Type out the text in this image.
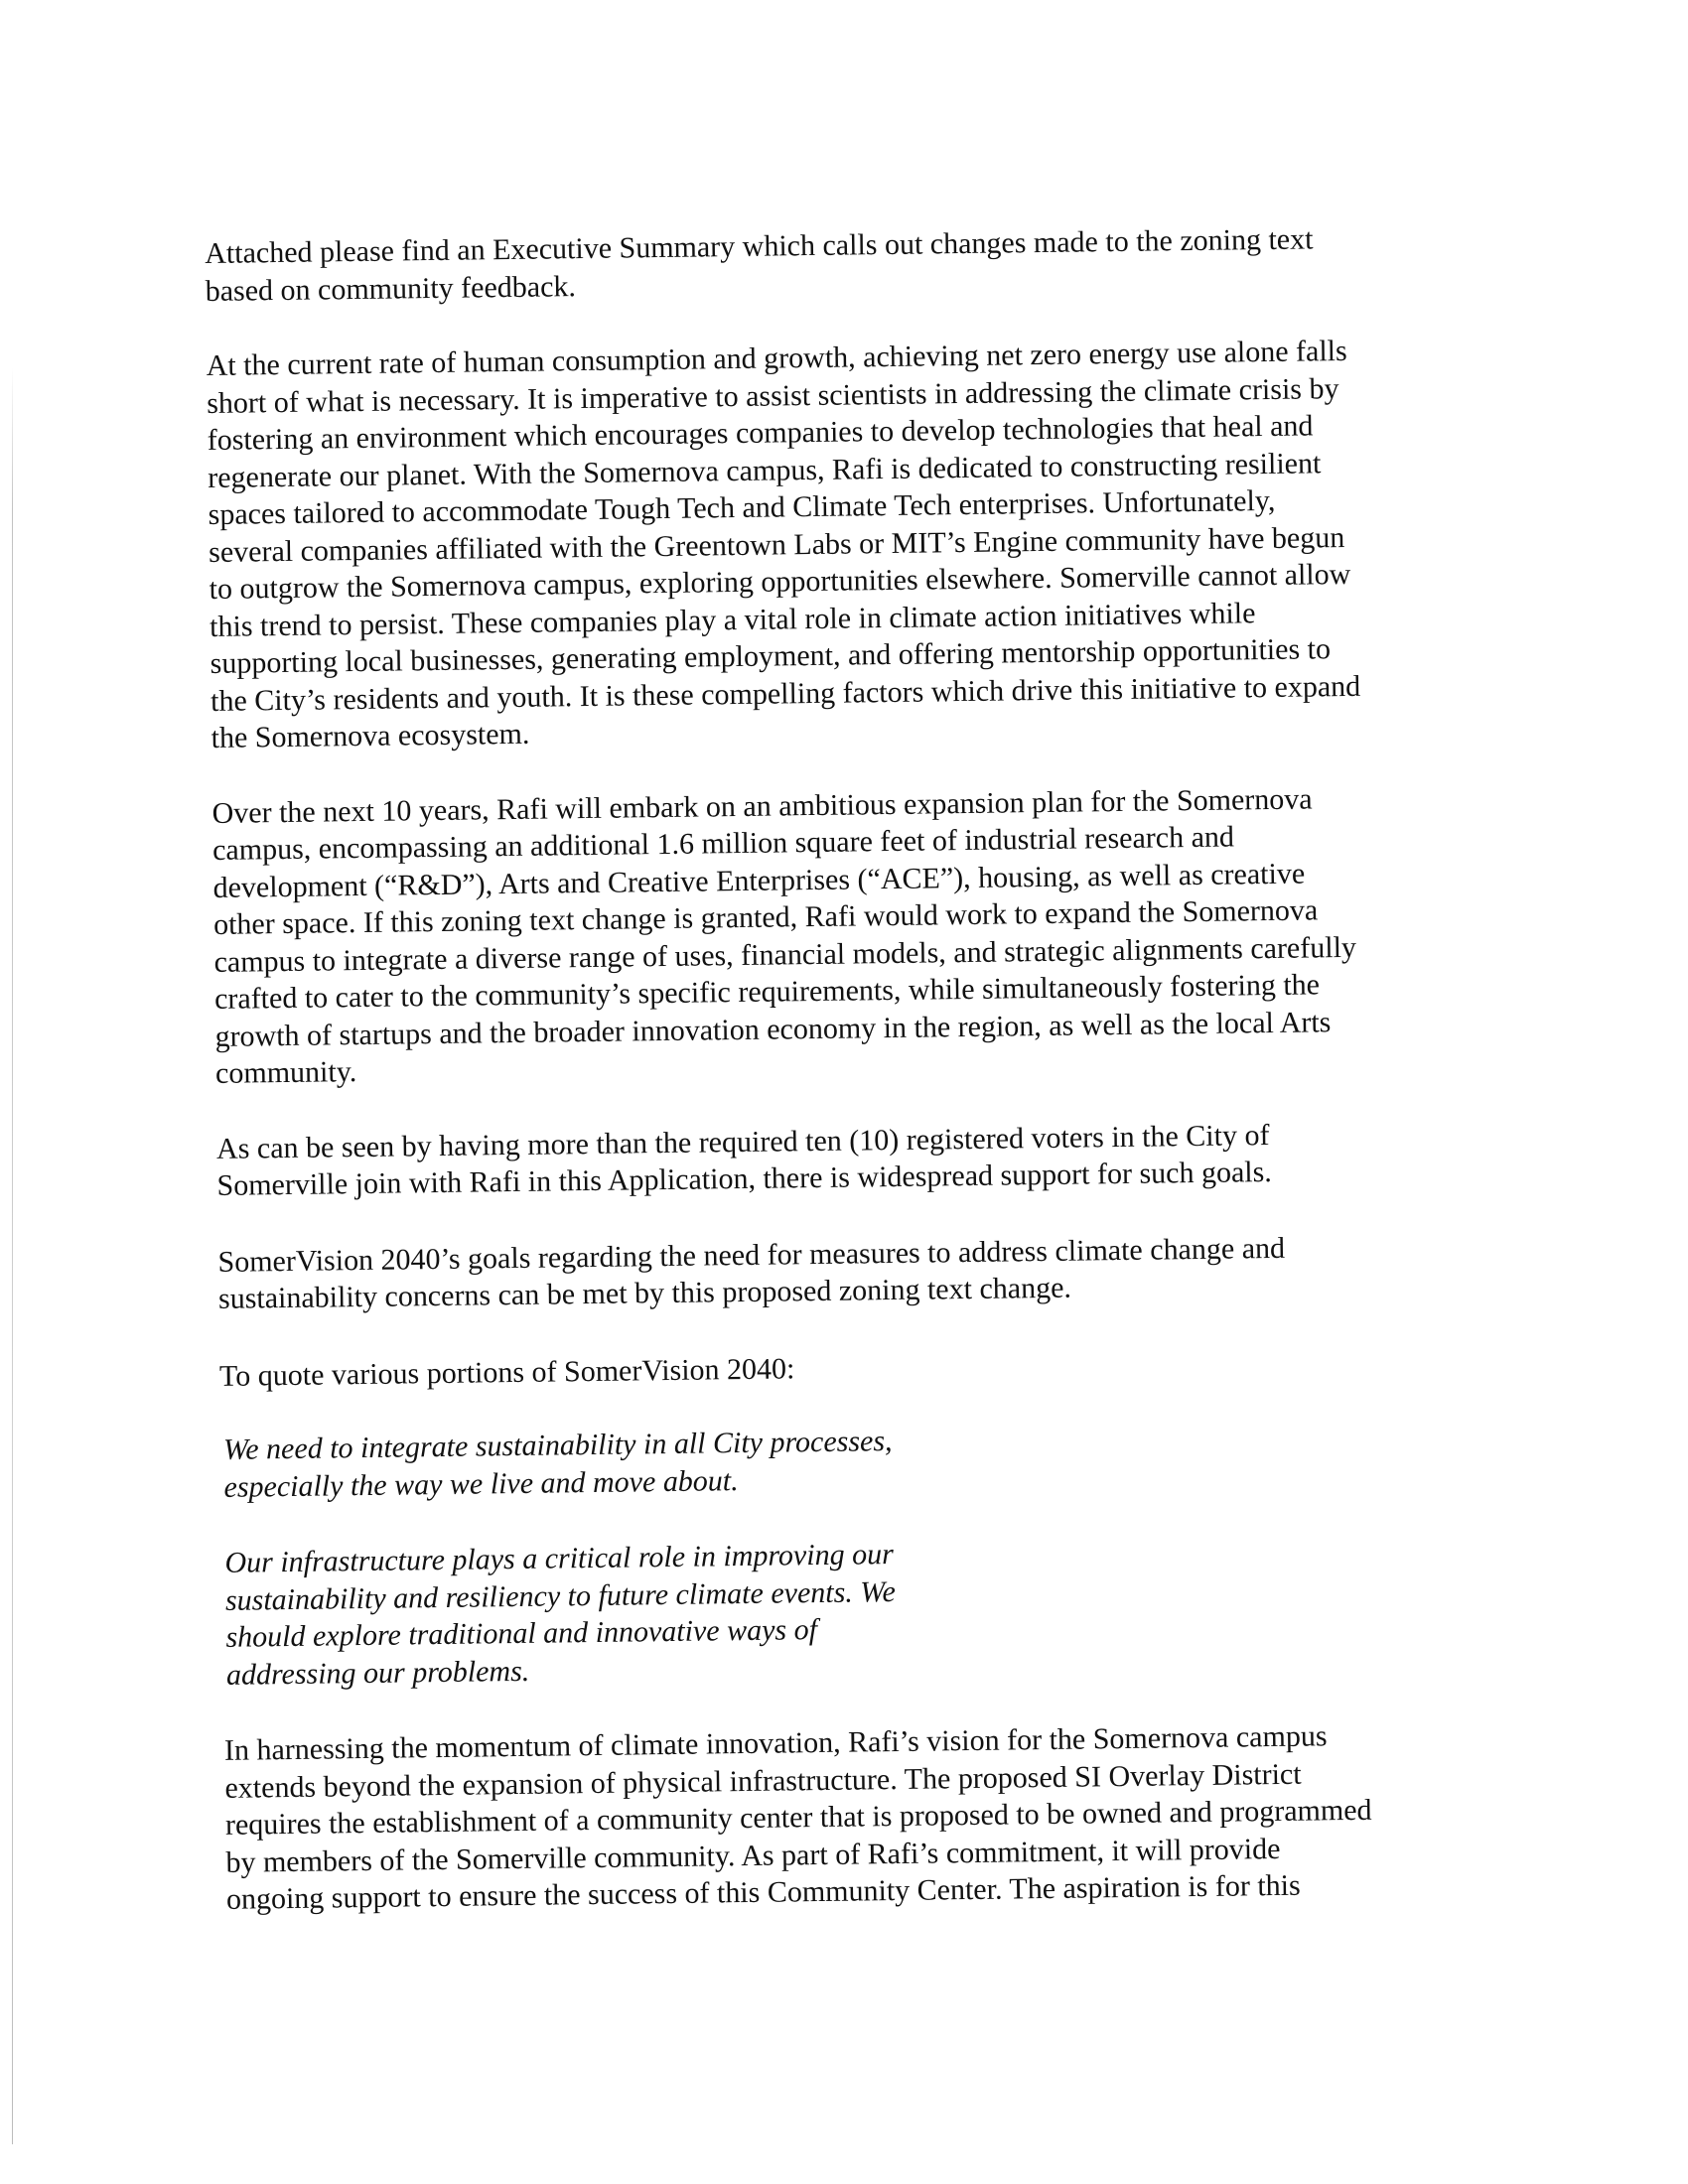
Attached please find an Executive Summary which calls out changes made to the zoning text
based on community feedback.

At the current rate of human consumption and growth, achieving net zero energy use alone falls
short of what is necessary. It is imperative to assist scientists in addressing the climate crisis by
fostering an environment which encourages companies to develop technologies that heal and
regenerate our planet. With the Somernova campus, Rafi is dedicated to constructing resilient
spaces tailored to accommodate Tough Tech and Climate Tech enterprises. Unfortunately,
several companies affiliated with the Greentown Labs or MIT’s Engine community have begun
to outgrow the Somernova campus, exploring opportunities elsewhere. Somerville cannot allow
this trend to persist. These companies play a vital role in climate action initiatives while
supporting local businesses, generating employment, and offering mentorship opportunities to
the City’s residents and youth. It is these compelling factors which drive this initiative to expand
the Somernova ecosystem.

Over the next 10 years, Rafi will embark on an ambitious expansion plan for the Somernova
campus, encompassing an additional 1.6 million square feet of industrial research and
development (“R&D”), Arts and Creative Enterprises (“ACE”), housing, as well as creative
other space. If this zoning text change is granted, Rafi would work to expand the Somernova
campus to integrate a diverse range of uses, financial models, and strategic alignments carefully
crafted to cater to the community’s specific requirements, while simultaneously fostering the
growth of startups and the broader innovation economy in the region, as well as the local Arts
community.

As can be seen by having more than the required ten (10) registered voters in the City of
Somerville join with Rafi in this Application, there is widespread support for such goals.

SomerVision 2040’s goals regarding the need for measures to address climate change and
sustainability concerns can be met by this proposed zoning text change.

To quote various portions of SomerVision 2040:

We need to integrate sustainability in all City processes,
especially the way we live and move about.

Our infrastructure plays a critical role in improving our
sustainability and resiliency to future climate events. We
should explore traditional and innovative ways of
addressing our problems.

In harnessing the momentum of climate innovation, Rafi’s vision for the Somernova campus
extends beyond the expansion of physical infrastructure. The proposed SI Overlay District
requires the establishment of a community center that is proposed to be owned and programmed
by members of the Somerville community. As part of Rafi’s commitment, it will provide
ongoing support to ensure the success of this Community Center. The aspiration is for this
